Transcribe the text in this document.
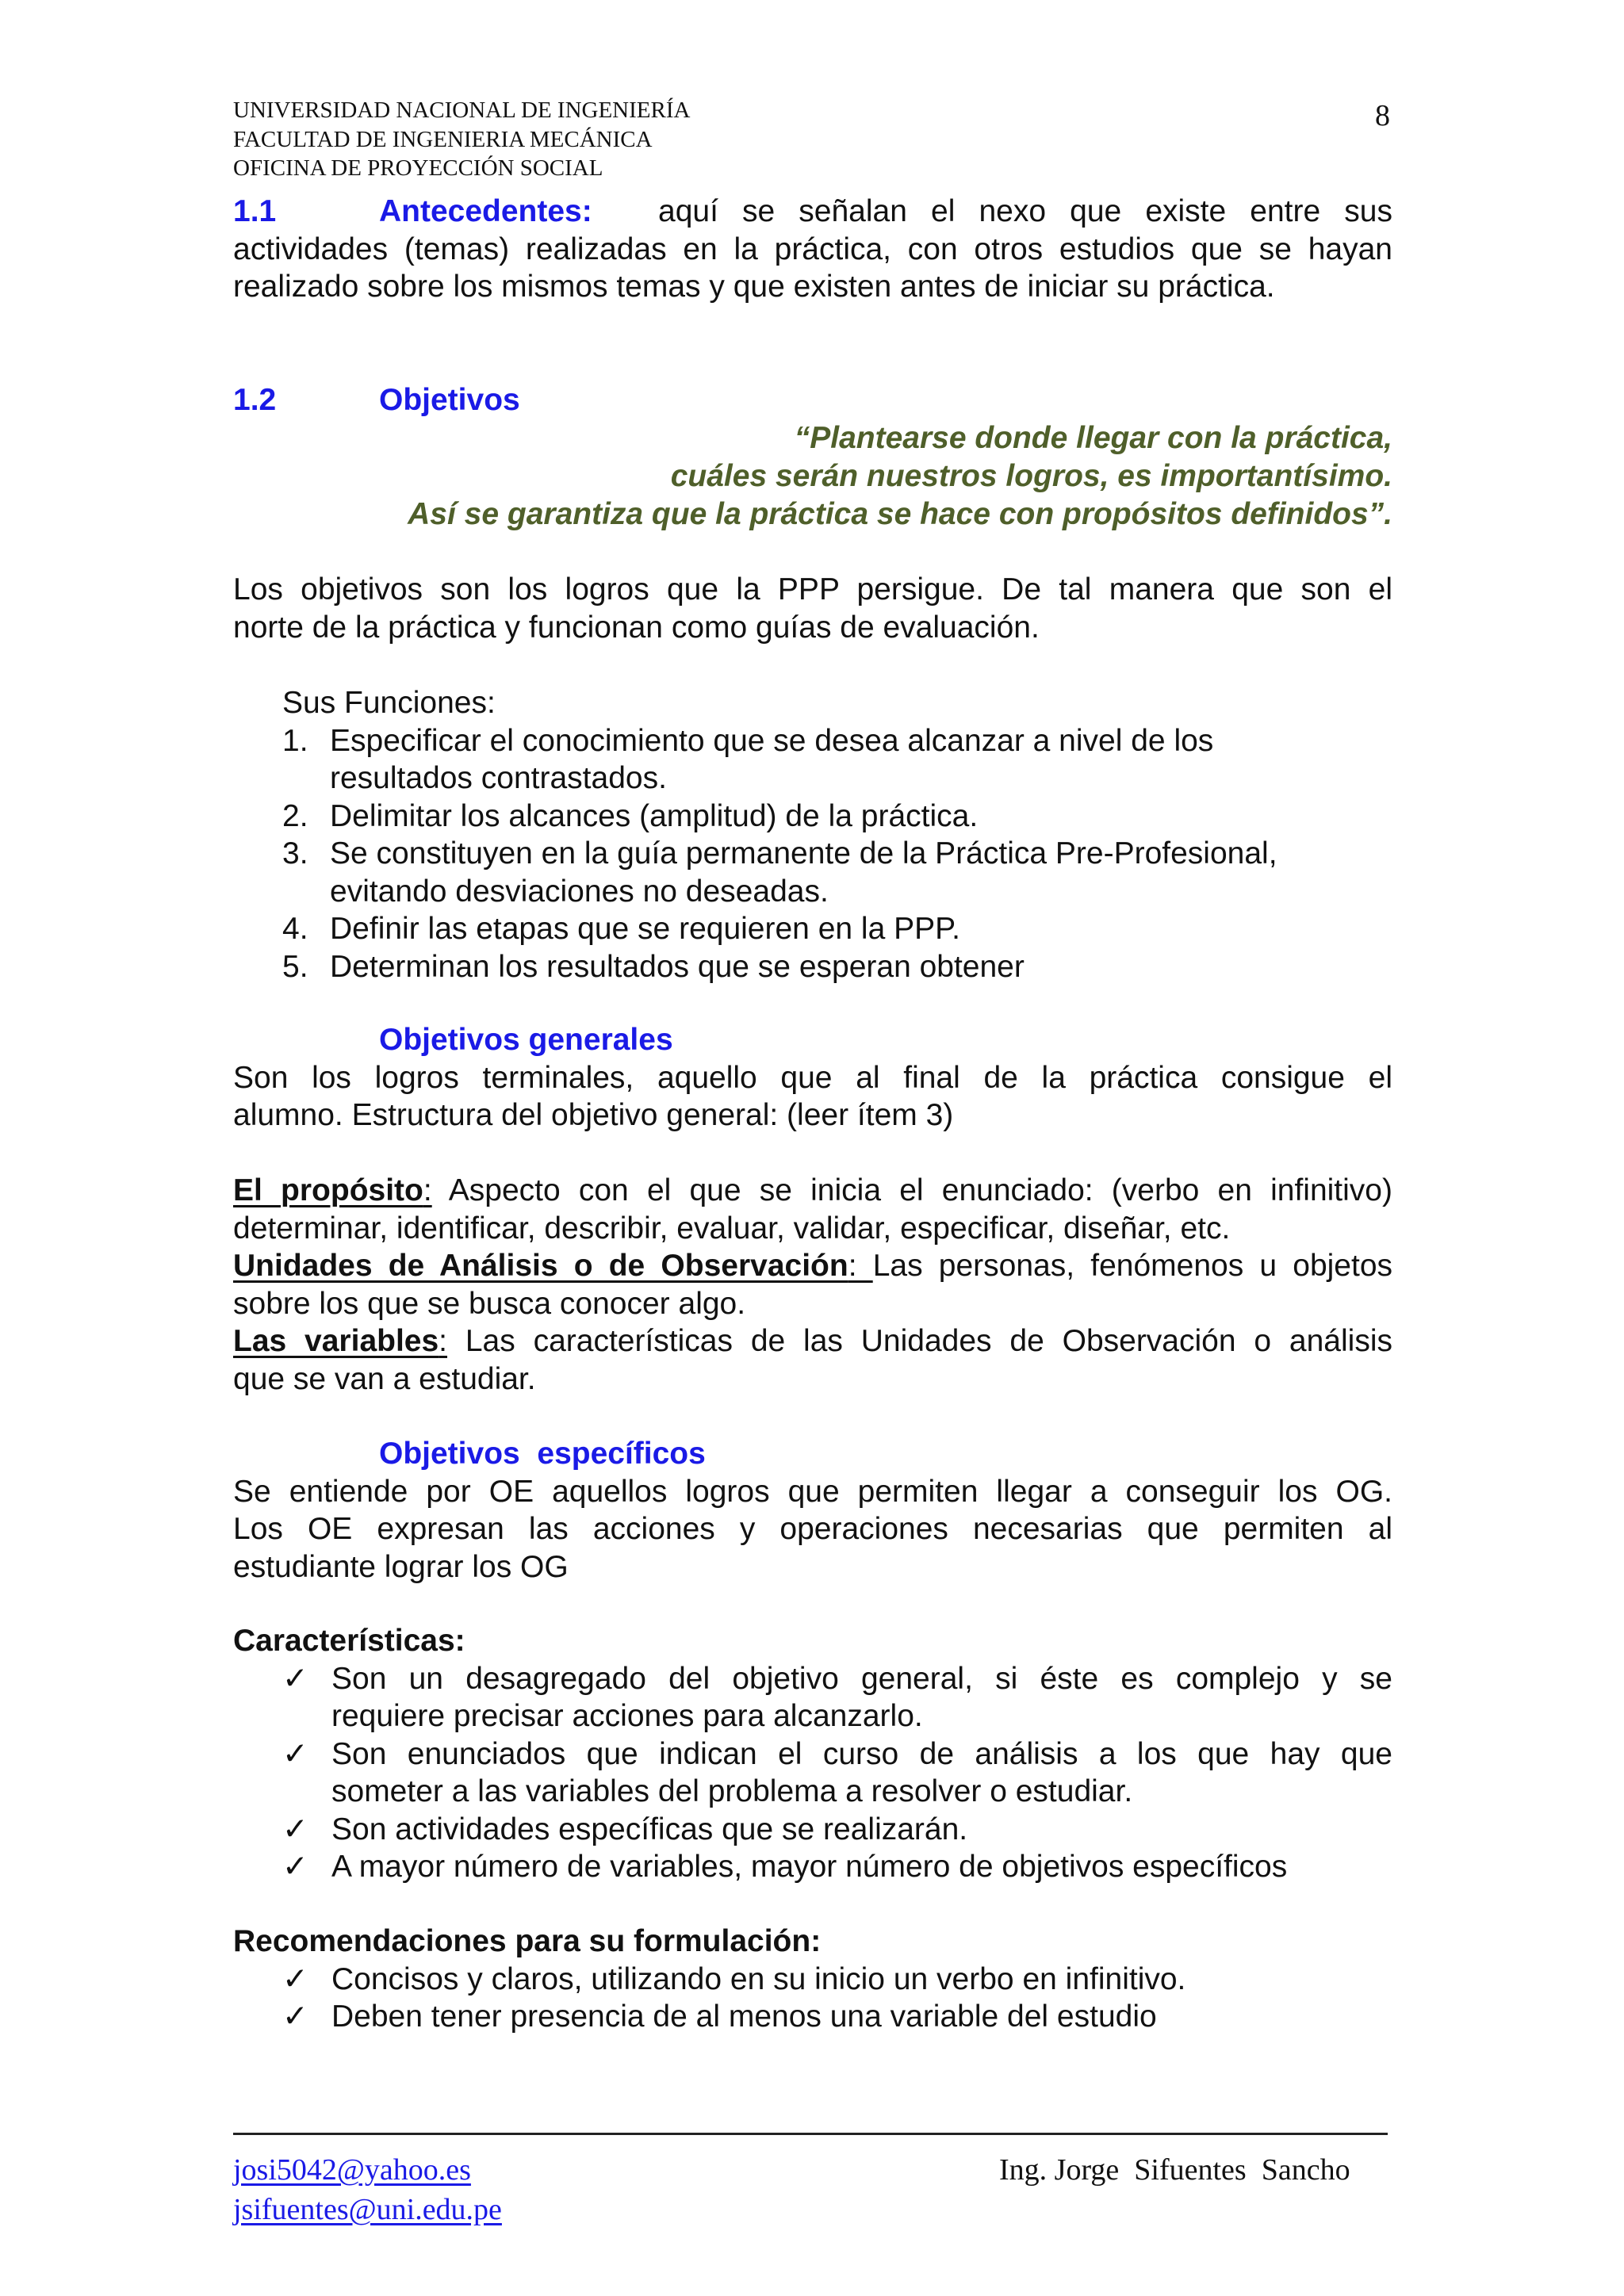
UNIVERSIDAD NACIONAL DE INGENIERÍA
FACULTAD DE INGENIERIA MECÁNICA
OFICINA DE PROYECCIÓN SOCIAL
8
1.1	Antecedentes: aquí se señalan el nexo que existe entre sus
actividades (temas) realizadas en la práctica, con otros estudios que se hayan
realizado sobre los mismos temas y que existen antes de iniciar su práctica.
1.2	Objetivos
“Plantearse donde llegar con la práctica,
cuáles serán nuestros logros, es importantísimo.
Así se garantiza que la práctica se hace con propósitos definidos”.
Los objetivos son los logros que la PPP persigue. De tal manera que son el
norte de la práctica y funcionan como guías de evaluación.
Sus Funciones:
1. Especificar el conocimiento que se desea alcanzar a nivel de los
resultados contrastados.
2. Delimitar los alcances (amplitud) de la práctica.
3. Se constituyen en la guía permanente de la Práctica Pre-Profesional,
evitando desviaciones no deseadas.
4. Definir las etapas que se requieren en la PPP.
5. Determinan los resultados que se esperan obtener
Objetivos generales
Son los logros terminales, aquello que al final de la práctica consigue el
alumno. Estructura del objetivo general: (leer ítem 3)
El propósito: Aspecto con el que se inicia el enunciado: (verbo en infinitivo)
determinar, identificar, describir, evaluar, validar, especificar, diseñar, etc.
Unidades de Análisis o de Observación: Las personas, fenómenos u objetos
sobre los que se busca conocer algo.
Las variables: Las características de las Unidades de Observación o análisis
que se van a estudiar.
Objetivos  específicos
Se entiende por OE aquellos logros que permiten llegar a conseguir los OG.
Los OE expresan las acciones y operaciones necesarias que permiten al
estudiante lograr los OG
Características:
✓ Son un desagregado del objetivo general, si éste es complejo y se
requiere precisar acciones para alcanzarlo.
✓ Son enunciados que indican el curso de análisis a los que hay que
someter a las variables del problema a resolver o estudiar.
✓ Son actividades específicas que se realizarán.
✓ A mayor número de variables, mayor número de objetivos específicos
Recomendaciones para su formulación:
✓ Concisos y claros, utilizando en su inicio un verbo en infinitivo.
✓ Deben tener presencia de al menos una variable del estudio
josi5042@yahoo.es
jsifuentes@uni.edu.pe
Ing. Jorge  Sifuentes  Sancho
